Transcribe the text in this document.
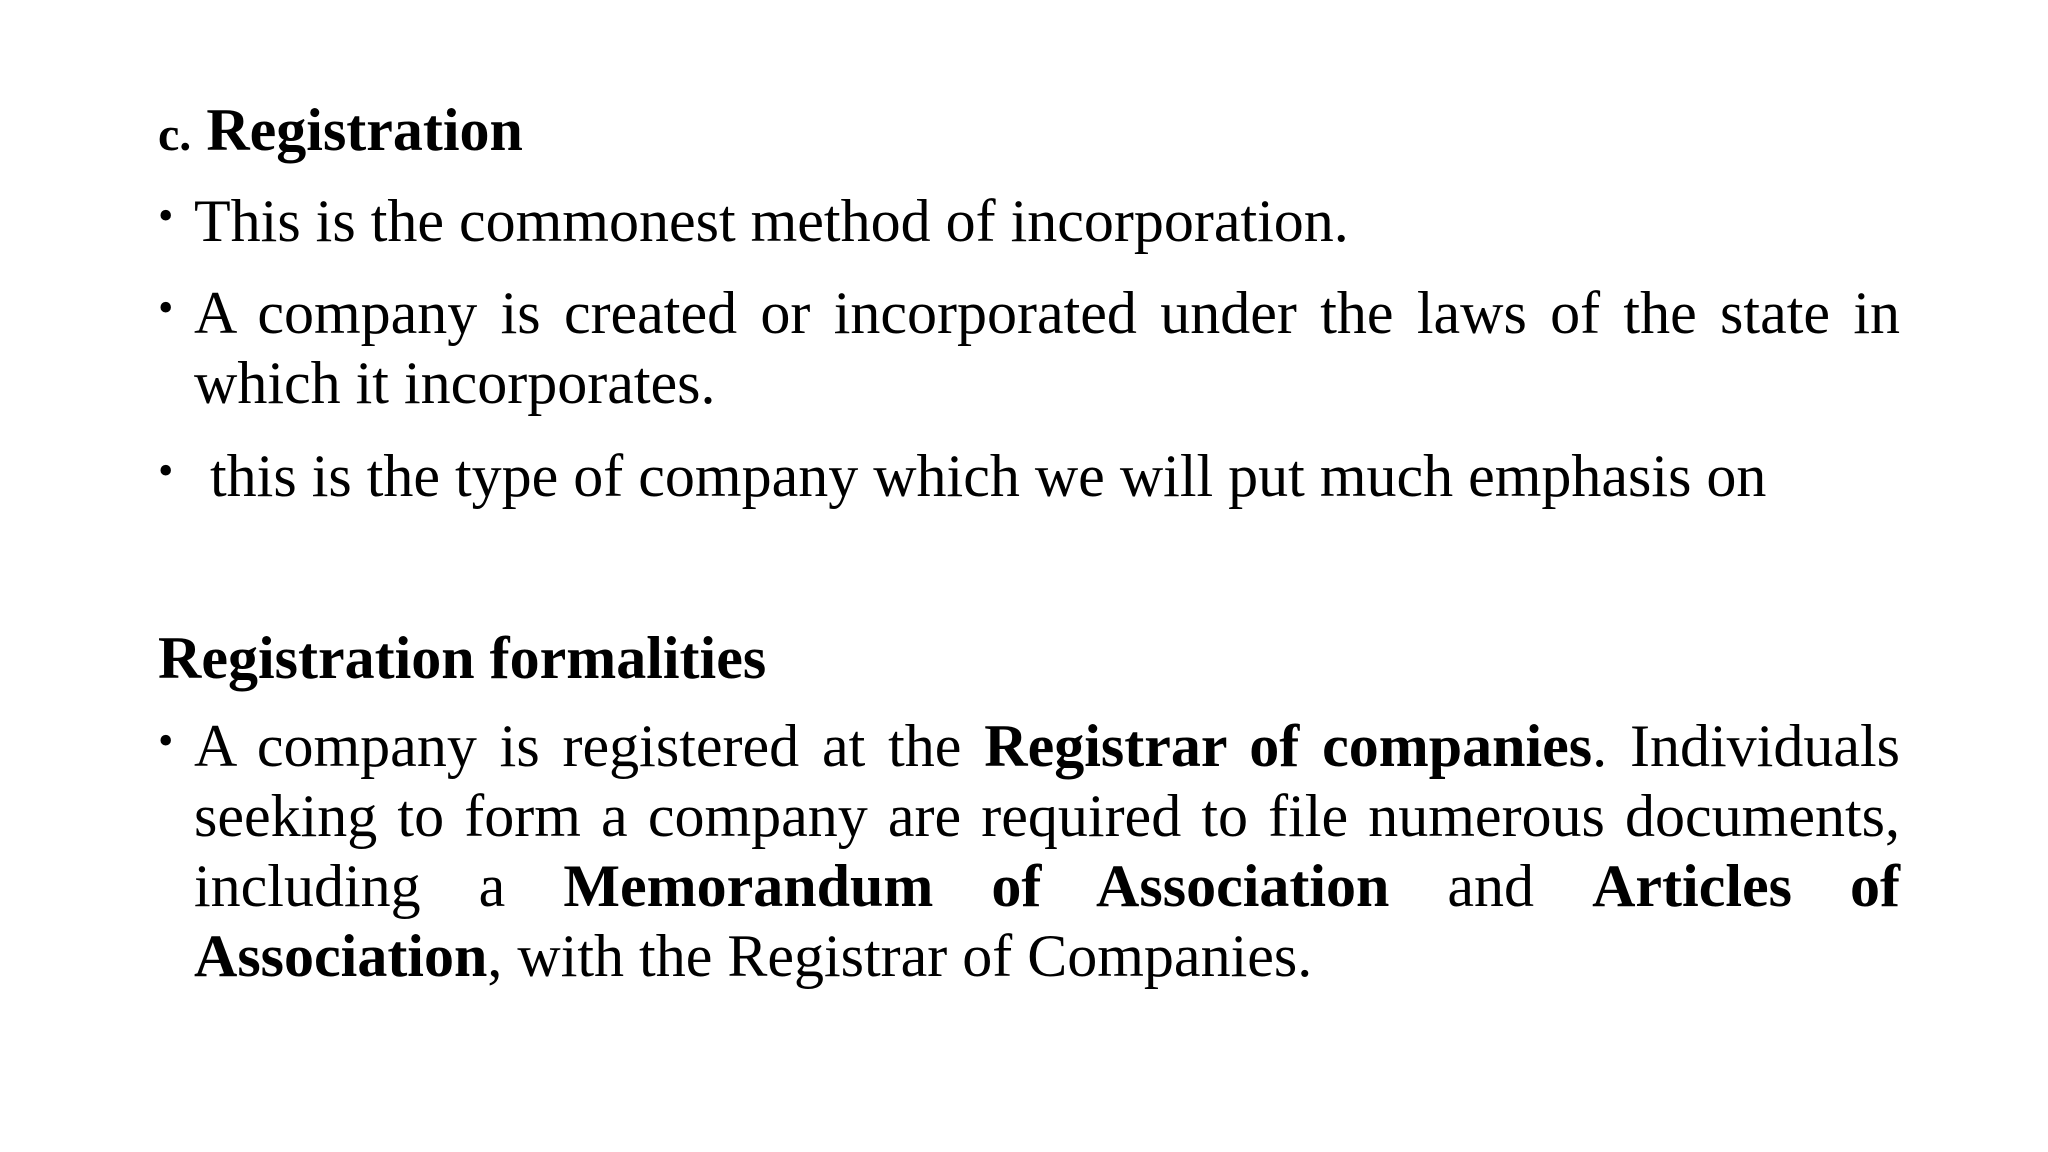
c. Registration
• This is the commonest method of incorporation.
• A company is created or incorporated under the laws of the state in which it incorporates.
• this is the type of company which we will put much emphasis on
Registration formalities
• A company is registered at the Registrar of companies. Individuals seeking to form a company are required to file numerous documents, including a Memorandum of Association and Articles of Association, with the Registrar of Companies.
